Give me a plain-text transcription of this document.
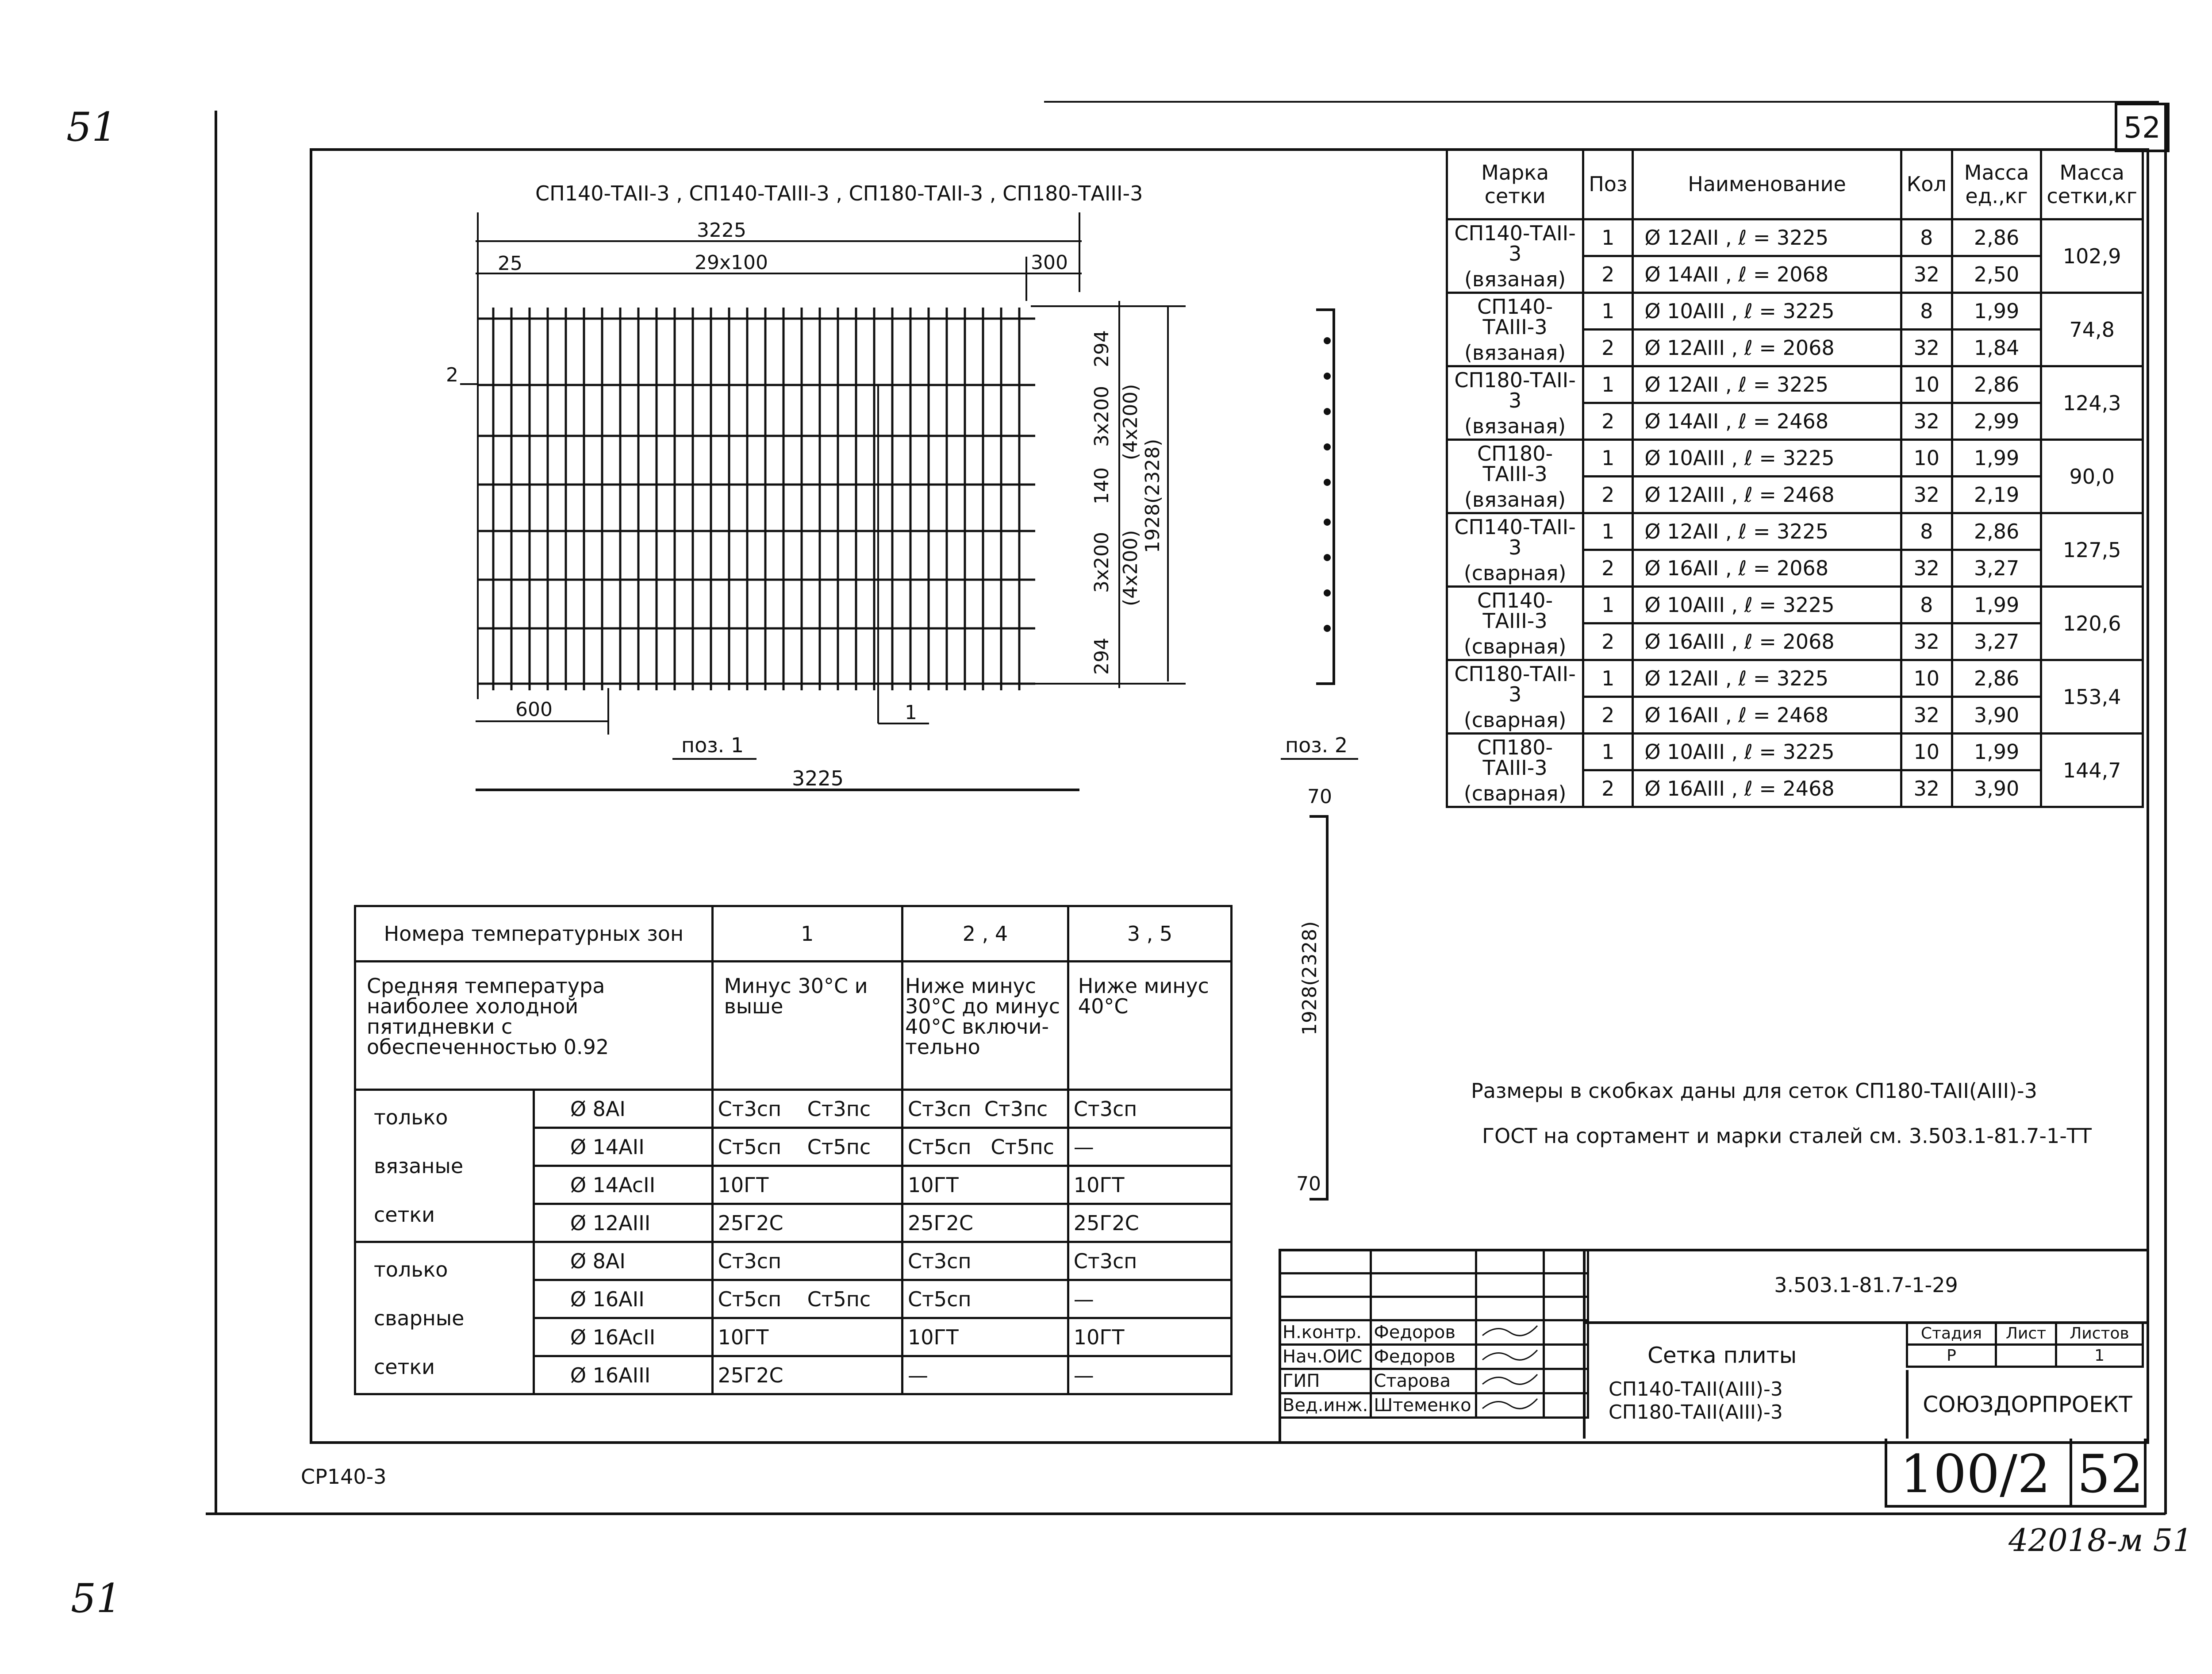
51
51
42018-м 51
52
СП140-ТАII-3 , СП140-ТАIII-3 , СП180-ТАII-3 , СП180-ТАIII-3
3225
25	29x100	300
2
1
600
294
3x200 (4x200)
140
3x200 (4x200)
294
1928(2328)
поз. 1
3225
поз. 2
70
1928(2328)
70
Марка сетки	Поз	Наименование	Кол	Масса ед.,кг	Масса сетки,кг

СП140-ТАII-3
(вязаная)	1	Ø 12AII , ℓ = 3225	8	2,86	102,9
	2	Ø 14AII , ℓ = 2068	32	2,50	

СП140-ТАIII-3
(вязаная)	1	Ø 10AIII , ℓ = 3225	8	1,99	74,8
	2	Ø 12AIII , ℓ = 2068	32	1,84	

СП180-ТАII-3
(вязаная)	1	Ø 12AII , ℓ = 3225	10	2,86	124,3
	2	Ø 14AII , ℓ = 2468	32	2,99	

СП180-ТАIII-3
(вязаная)	1	Ø 10AIII , ℓ = 3225	10	1,99	90,0
	2	Ø 12AIII , ℓ = 2468	32	2,19	

СП140-ТАII-3
(сварная)	1	Ø 12AII , ℓ = 3225	8	2,86	127,5
	2	Ø 16AII , ℓ = 2068	32	3,27	

СП140-ТАIII-3
(сварная)	1	Ø 10AIII , ℓ = 3225	8	1,99	120,6
	2	Ø 16AIII , ℓ = 2068	32	3,27	

СП180-ТАII-3
(сварная)	1	Ø 12AII , ℓ = 3225	10	2,86	153,4
	2	Ø 16AII , ℓ = 2468	32	3,90	

СП180-ТАIII-3
(сварная)	1	Ø 10AIII , ℓ = 3225	10	1,99	144,7
	2	Ø 16AIII , ℓ = 2468	32	3,90	
Номера температурных зон		1	2 , 4	3 , 5
Средняя температура наиболее холодной пятидневки с обеспеченностью 0.92		Минус 30°С и выше	Ниже минус 30°С до минус 40°С включи-тельно	Ниже минус 40°С

только
вязаные
сетки	Ø 8AI	Ст3сп    Ст3пс	Ст3сп  Ст3пс	Ст3сп
	Ø 14AII	Ст5сп    Ст5пс	Ст5сп   Ст5пс	—
	Ø 14AcII	10ГТ	10ГТ	10ГТ
	Ø 12AIII	25Г2С	25Г2С	25Г2С

только
сварные
сетки	Ø 8AI	Ст3сп	Ст3сп	Ст3сп
	Ø 16AII	Ст5сп    Ст5пс	Ст5сп	—
	Ø 16AcII	10ГТ	10ГТ	10ГТ
	Ø 16AIII	25Г2С	—	—
Размеры в скобках даны для сеток СП180-ТАII(AIII)-3
ГОСТ на сортамент и марки сталей см. 3.503.1-81.7-1-ТТ

Н.контр.	Федоров		
Нач.ОИС	Федоров		
ГИП	Старова		
Вед.инж.	Штеменко		
3.503.1-81.7-1-29
Сетка плиты
СП140-ТАII(AIII)-3
СП180-ТАII(AIII)-3
Стадия	Лист	Листов
Р		1
СОЮЗДОРПРОЕКТ
100/2 52
СР140-3
